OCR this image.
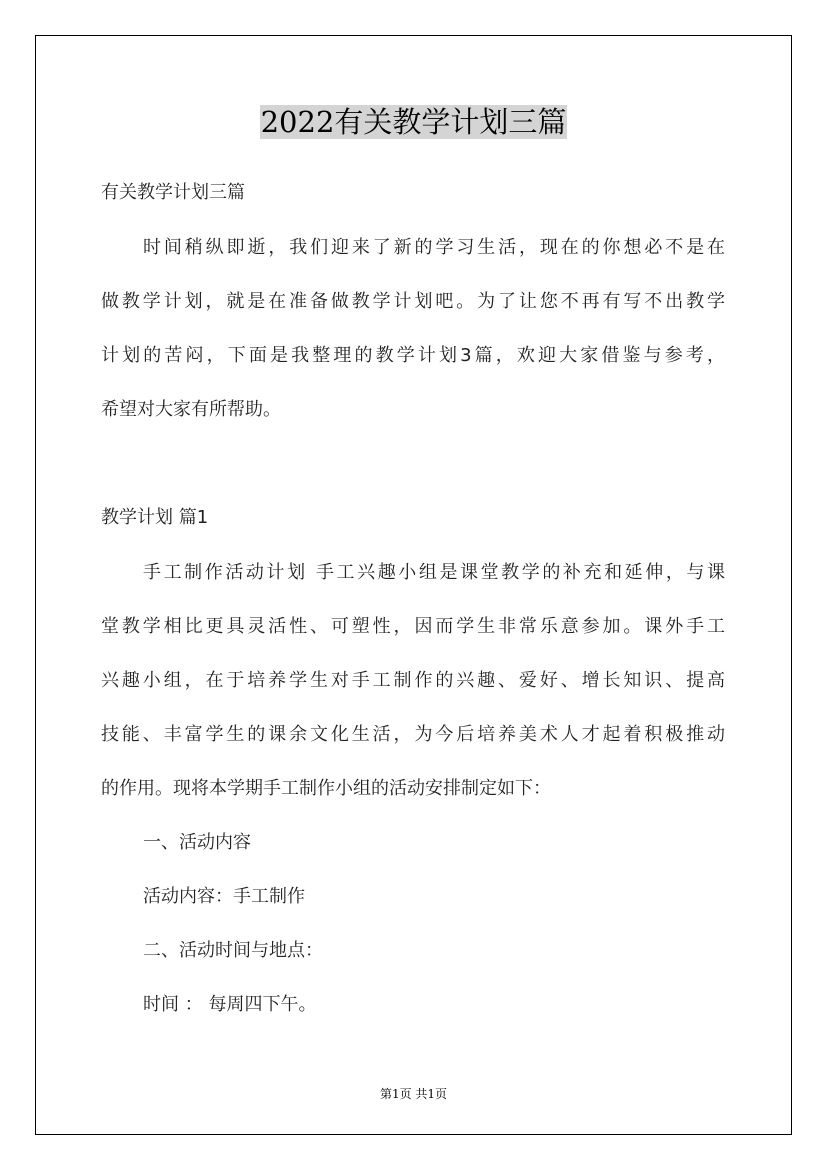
2022有关教学计划三篇
有关教学计划三篇
时间稍纵即逝，我们迎来了新的学习生活，现在的你想必不是在
做教学计划，就是在准备做教学计划吧。为了让您不再有写不出教学
计划的苦闷，下面是我整理的教学计划3篇，欢迎大家借鉴与参考，
希望对大家有所帮助。
教学计划 篇1
手工制作活动计划 手工兴趣小组是课堂教学的补充和延伸，与课
堂教学相比更具灵活性、可塑性，因而学生非常乐意参加。课外手工
兴趣小组，在于培养学生对手工制作的兴趣、爱好、增长知识、提高
技能、丰富学生的课余文化生活，为今后培养美术人才起着积极推动
的作用。现将本学期手工制作小组的活动安排制定如下：
一、活动内容
活动内容：手工制作
二、活动时间与地点：
时间 ： 每周四下午。
第1页 共1页
